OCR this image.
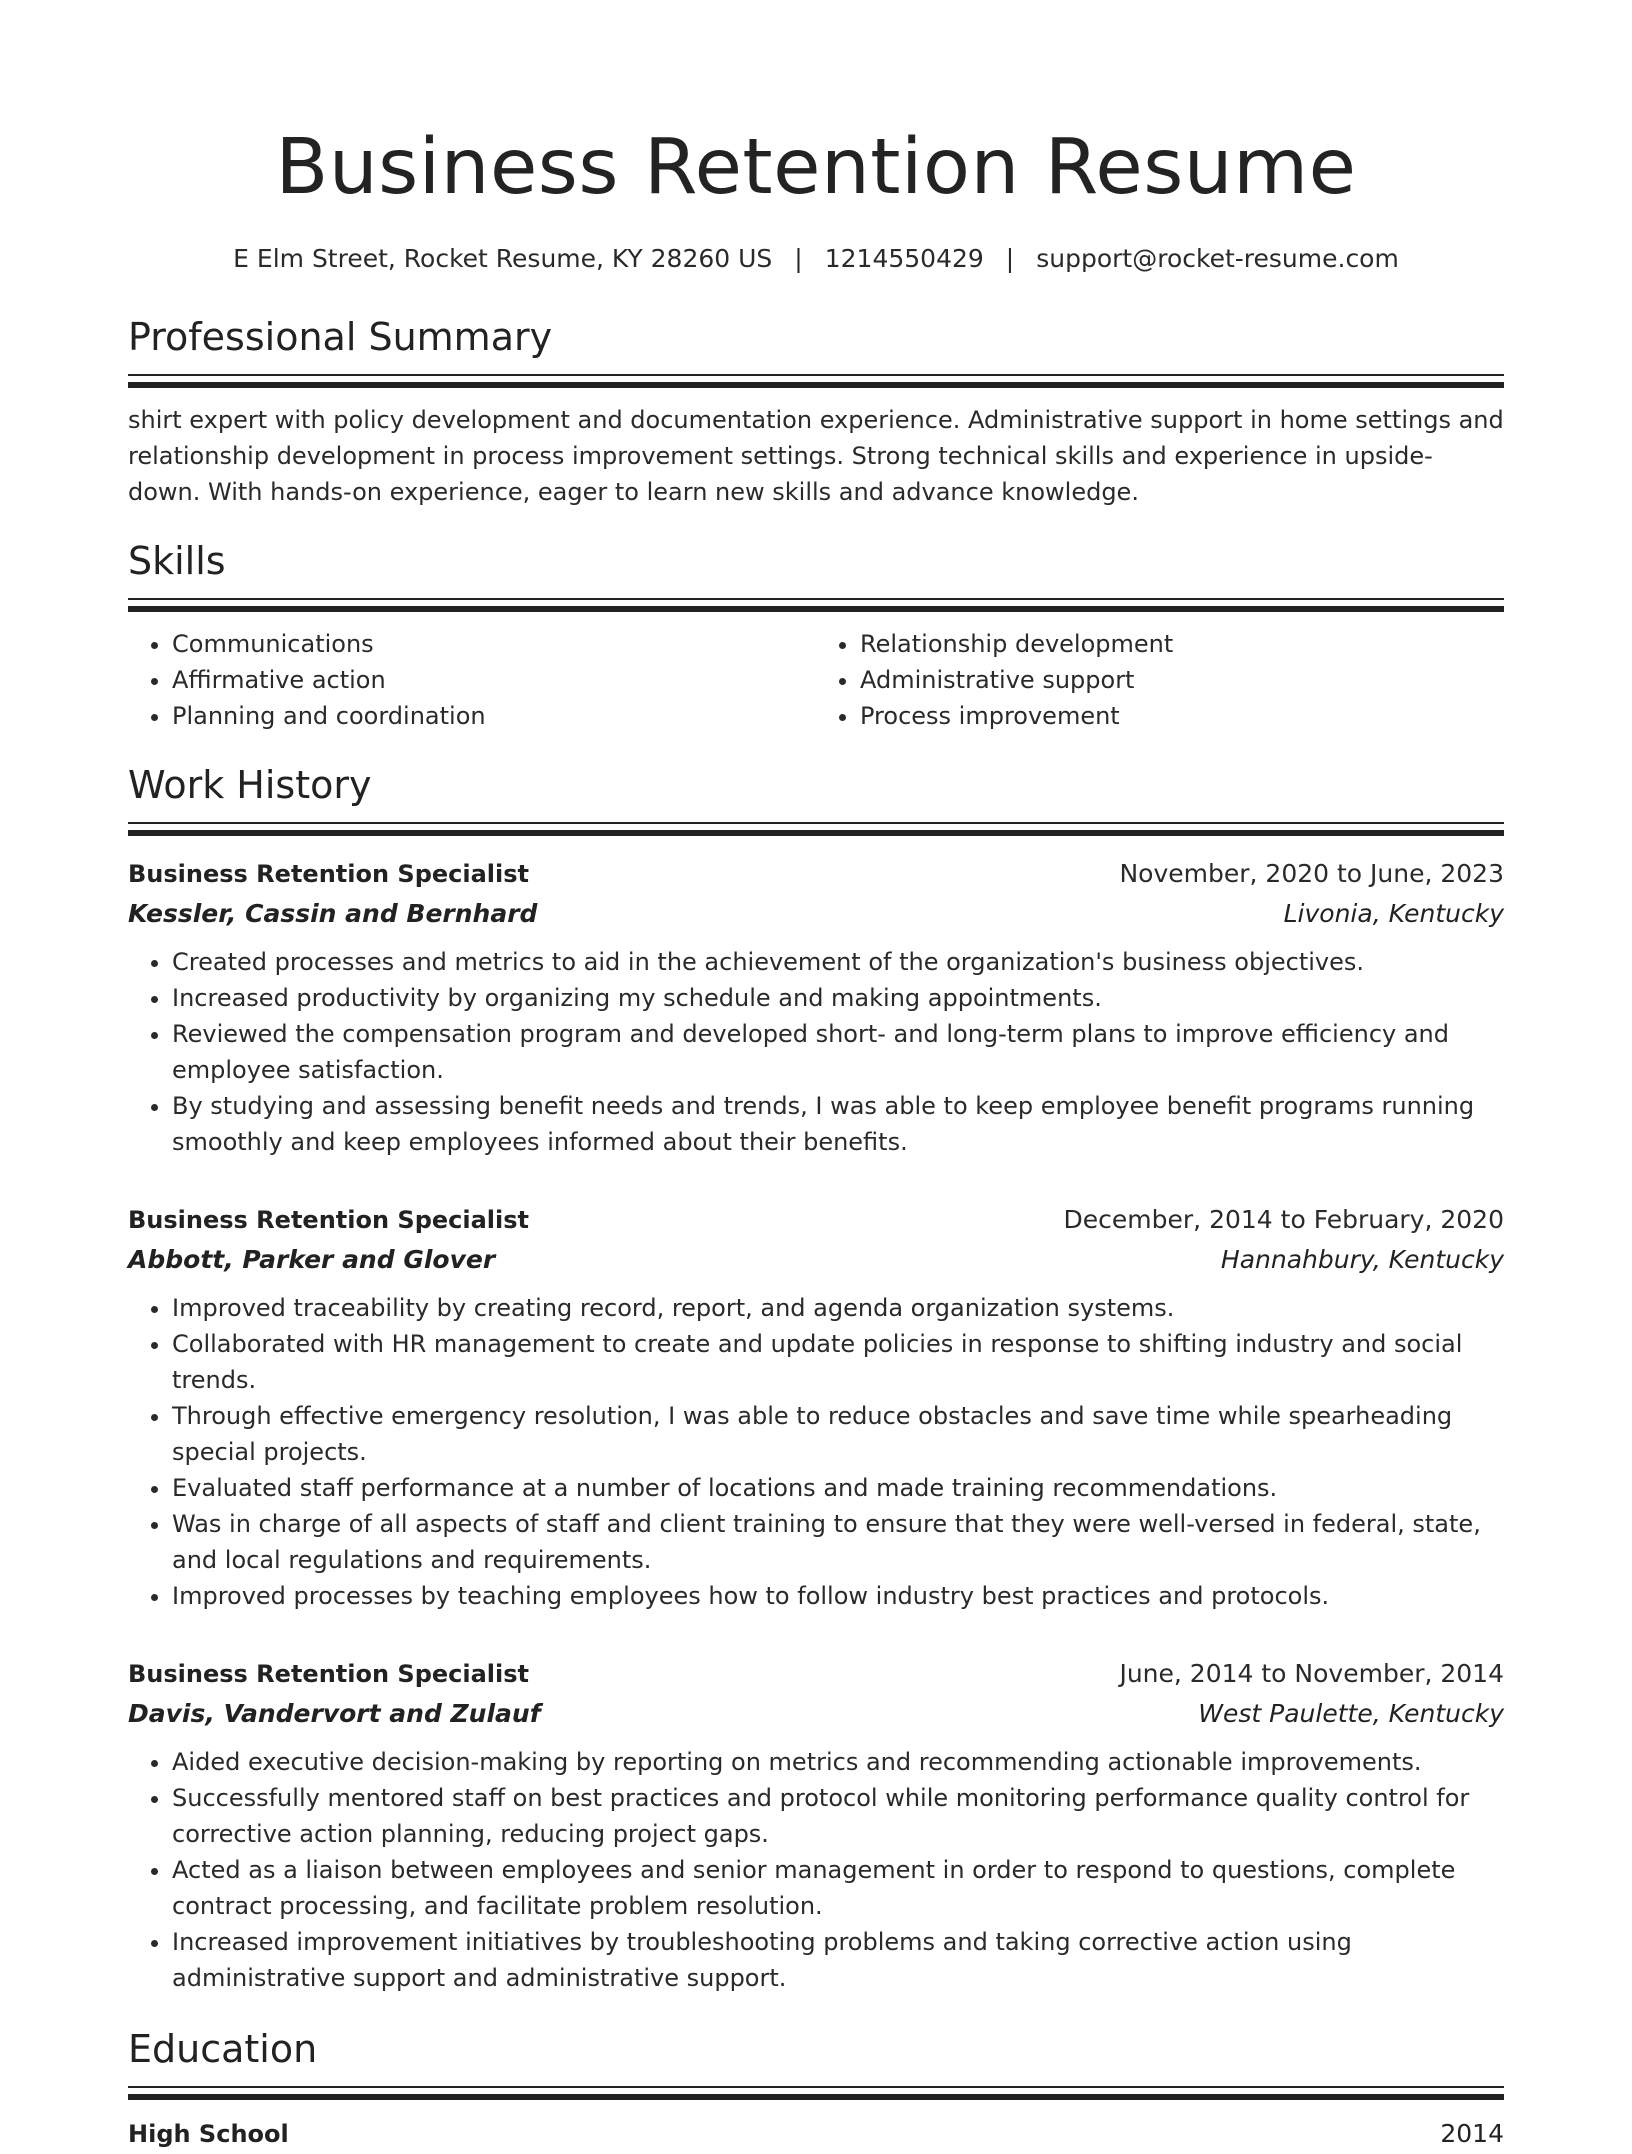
Business Retention Resume
E Elm Street, Rocket Resume, KY 28260 US | 1214550429 | support@rocket-resume.com
Professional Summary
shirt expert with policy development and documentation experience. Administrative support in home settings and relationship development in process improvement settings. Strong technical skills and experience in upside-down. With hands-on experience, eager to learn new skills and advance knowledge.
Skills
• Communications
• Affirmative action
• Planning and coordination
• Relationship development
• Administrative support
• Process improvement
Work History
Business Retention Specialist	November, 2020 to June, 2023
Kessler, Cassin and Bernhard	Livonia, Kentucky
• Created processes and metrics to aid in the achievement of the organization's business objectives.
• Increased productivity by organizing my schedule and making appointments.
• Reviewed the compensation program and developed short- and long-term plans to improve efficiency and employee satisfaction.
• By studying and assessing benefit needs and trends, I was able to keep employee benefit programs running smoothly and keep employees informed about their benefits.
Business Retention Specialist	December, 2014 to February, 2020
Abbott, Parker and Glover	Hannahbury, Kentucky
• Improved traceability by creating record, report, and agenda organization systems.
• Collaborated with HR management to create and update policies in response to shifting industry and social trends.
• Through effective emergency resolution, I was able to reduce obstacles and save time while spearheading special projects.
• Evaluated staff performance at a number of locations and made training recommendations.
• Was in charge of all aspects of staff and client training to ensure that they were well-versed in federal, state, and local regulations and requirements.
• Improved processes by teaching employees how to follow industry best practices and protocols.
Business Retention Specialist	June, 2014 to November, 2014
Davis, Vandervort and Zulauf	West Paulette, Kentucky
• Aided executive decision-making by reporting on metrics and recommending actionable improvements.
• Successfully mentored staff on best practices and protocol while monitoring performance quality control for corrective action planning, reducing project gaps.
• Acted as a liaison between employees and senior management in order to respond to questions, complete contract processing, and facilitate problem resolution.
• Increased improvement initiatives by troubleshooting problems and taking corrective action using administrative support and administrative support.
Education
High School	2014
